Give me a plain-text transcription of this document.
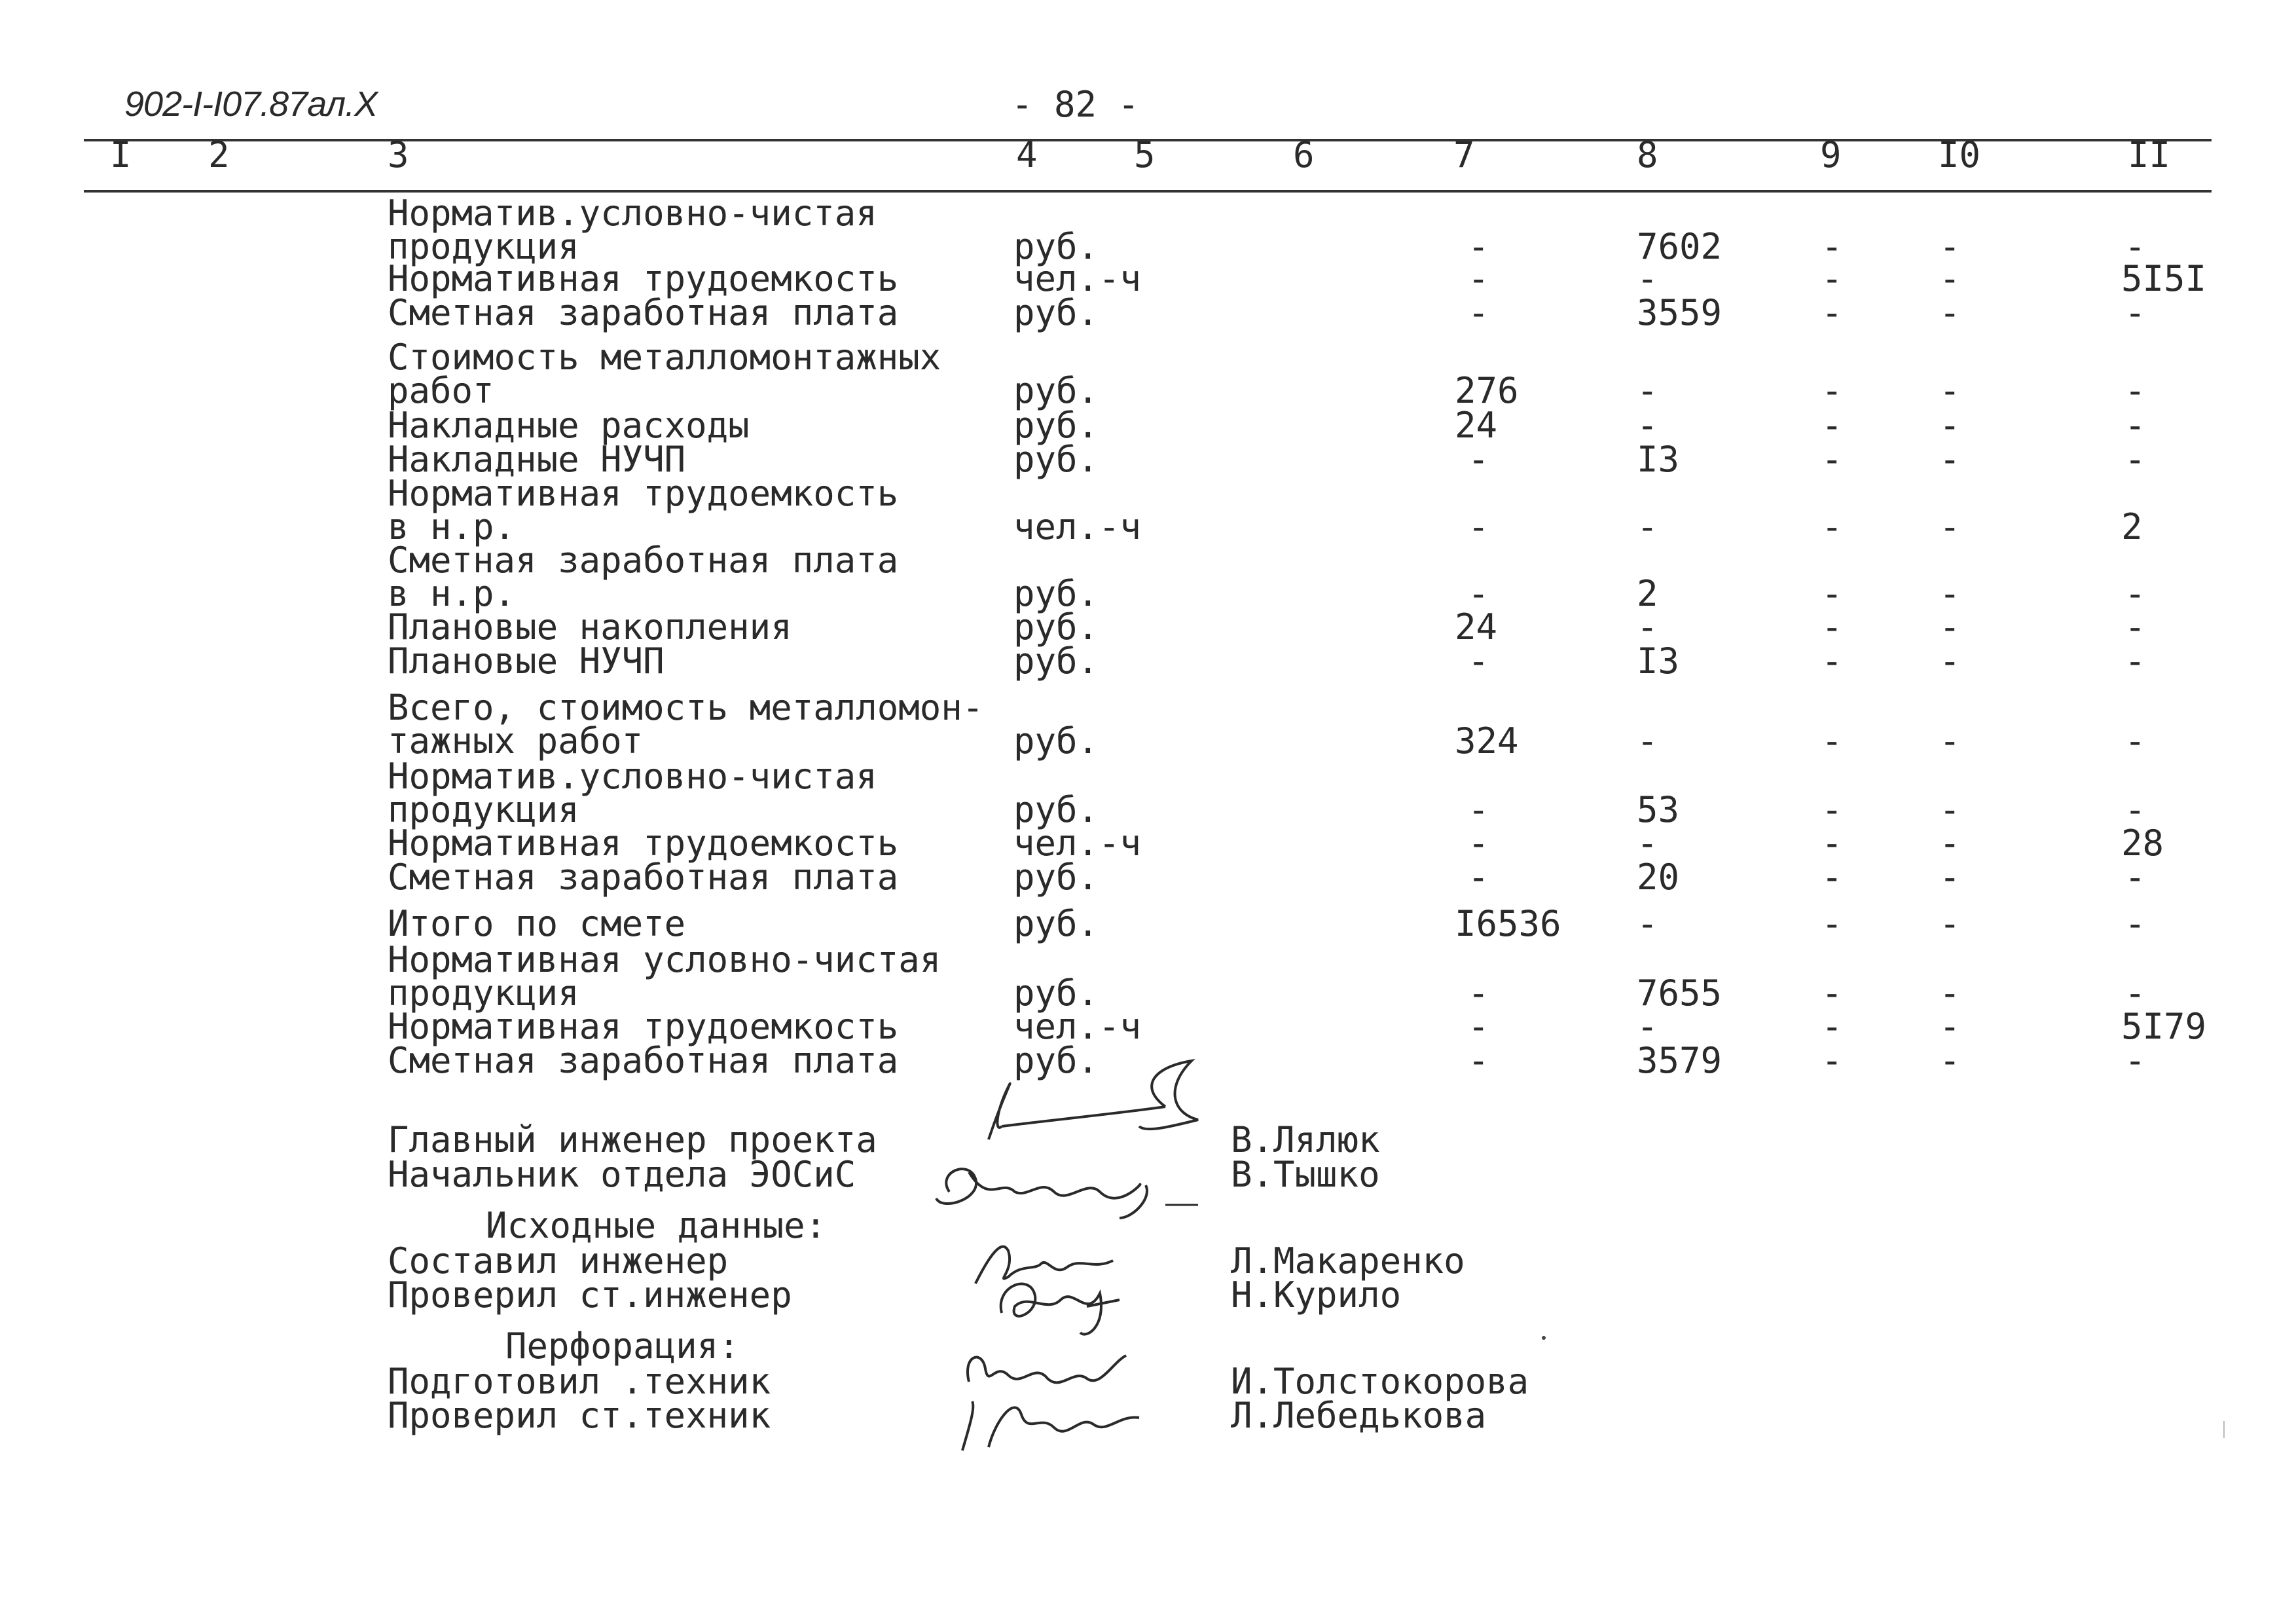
902-I-I07.87ал.X	- 82 -
I 2	3	4	5	6	7	8	9	I0	II
Норматив.условно-чистая
продукция	руб.	-	7602	-	-	-
Нормативная трудоемкость	чел.-ч	-	-	-	-	5I5I
Сметная заработная плата	руб.	-	3559	-	-	-
Стоимость металломонтажных
работ	руб.	276	-	-	-	-
Накладные расходы	руб.	24	-	-	-	-
Накладные НУЧП	руб.	-	I3	-	-	-
Нормативная трудоемкость
в н.р.	чел.-ч	-	-	-	-	2
Сметная заработная плата
в н.р.	руб.	-	2	-	-	-
Плановые накопления	руб.	24	-	-	-	-
Плановые НУЧП	руб.	-	I3	-	-	-
Всего, стоимость металломон-
тажных работ	руб.	324	-	-	-	-
Норматив.условно-чистая
продукция	руб.	-	53	-	-	-
Нормативная трудоемкость	чел.-ч	-	-	-	-	28
Сметная заработная плата	руб.	-	20	-	-	-
Итого по смете	руб.	I6536 -	-	-	-
Нормативная условно-чистая
продукция	руб.	-	7655	-	-	-
Нормативная трудоемкость	чел.-ч	-	-	-	-	5I79
Сметная заработная плата	руб.	-	3579	-	-	-
Главный инженер проекта	В.Лялюк
Начальник отдела ЭОСиС	В.Тышко
Исходные данные:
Составил инженер	Л.Макаренко
Проверил ст.инженер	Н.Курило
Перфорация:
Подготовил .техник	И.Толстокорова
Проверил ст.техник	Л.Лебедькова
